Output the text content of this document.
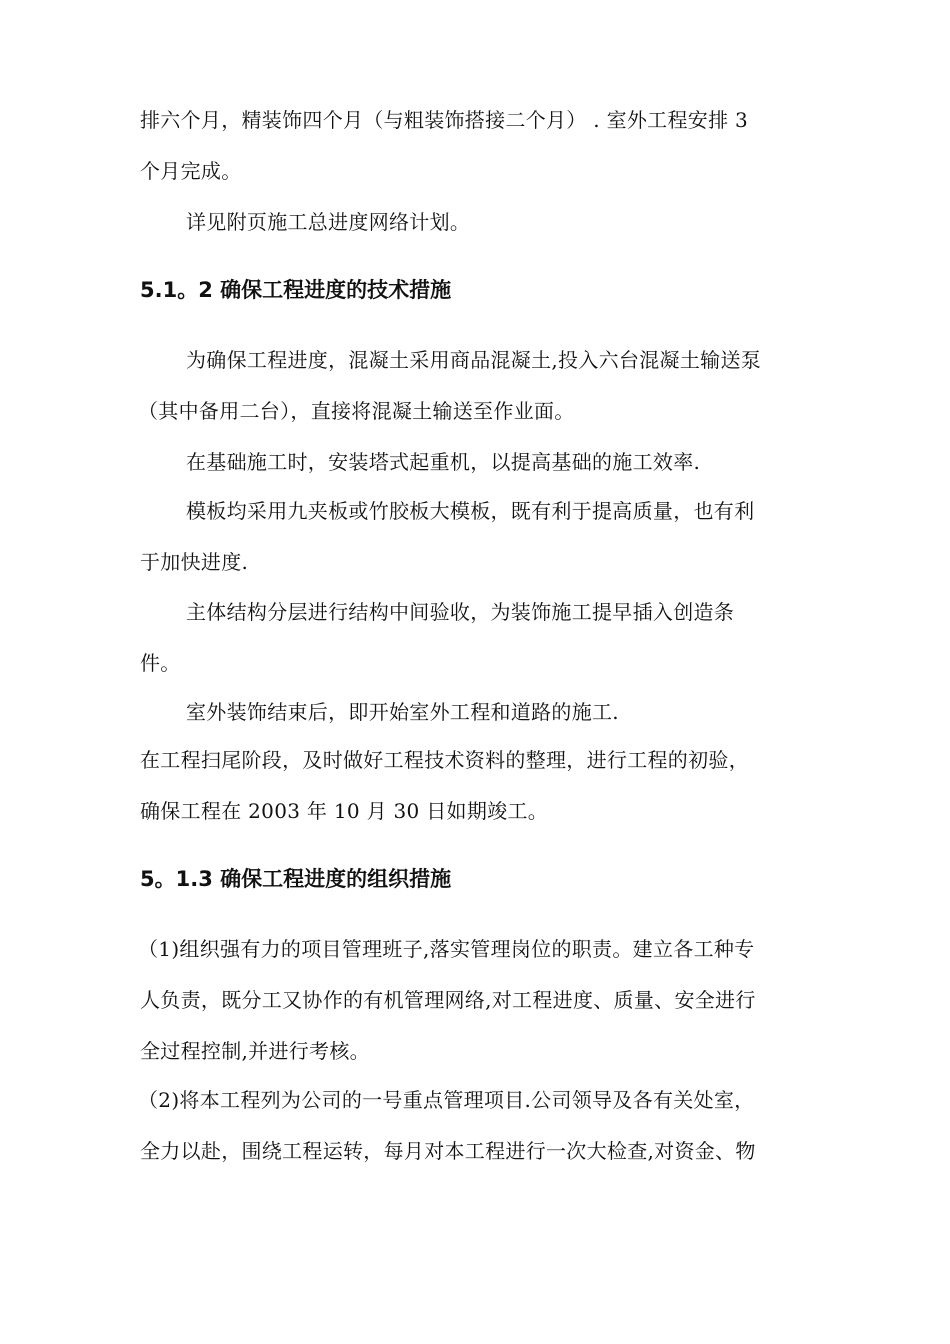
排六个月，精装饰四个月（与粗装饰搭接二个月） . 室外工程安排 3
个月完成。
详见附页施工总进度网络计划。
5.1。2 确保工程进度的技术措施
为确保工程进度，混凝土采用商品混凝土,投入六台混凝土输送泵
（其中备用二台），直接将混凝土输送至作业面。
在基础施工时，安装塔式起重机，以提高基础的施工效率.
模板均采用九夹板或竹胶板大模板，既有利于提高质量，也有利
于加快进度.
主体结构分层进行结构中间验收，为装饰施工提早插入创造条
件。
室外装饰结束后，即开始室外工程和道路的施工.
在工程扫尾阶段，及时做好工程技术资料的整理，进行工程的初验，
确保工程在 2003 年 10 月 30 日如期竣工。
5。1.3 确保工程进度的组织措施
（1)组织强有力的项目管理班子,落实管理岗位的职责。建立各工种专
人负责，既分工又协作的有机管理网络,对工程进度、质量、安全进行
全过程控制,并进行考核。
（2)将本工程列为公司的一号重点管理项目.公司领导及各有关处室，
全力以赴，围绕工程运转，每月对本工程进行一次大检查,对资金、物
